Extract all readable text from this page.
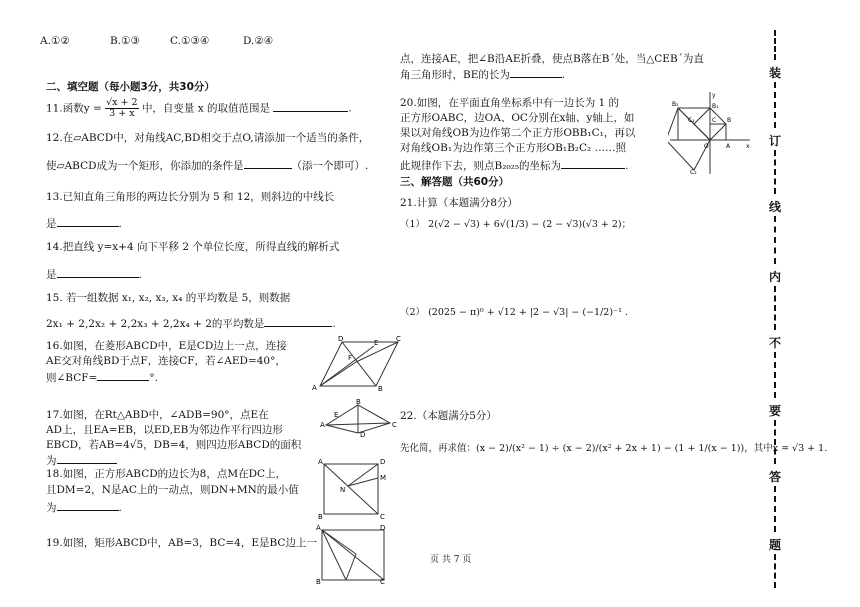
A.①②	B.①③	C.①③④	D.②④
二、填空题（每小题3分，共30分）
11.函数$y = \frac{√x + 2}{3 + x}$ 中，自变量 x 的取值范围是	.
12.在▱ABCD中，对角线AC,BD相交于点O,请添加一个适当的条件，
使▱ABCD成为一个矩形，你添加的条件是	（添一个即可）.
13.已知直角三角形的两边长分别为 5 和 12，则斜边的中线长
是	.
14.把直线 y=x+4 向下平移 2 个单位长度，所得直线的解析式
是	.
15. 若一组数据 x₁, x₂, x₃, x₄ 的平均数是 5，则数据
2x₁ + 2,2x₂ + 2,2x₃ + 2,2x₄ + 2的平均数是	.
16.如图，在菱形ABCD中，E是CD边上一点，连接
AE交对角线BD于点F，连接CF，若∠AED=40°，
则∠BCF=	°.
17.如图，在Rt△ABD中，∠ADB=90°，点E在
AD上，且EA=EB，以ED,EB为邻边作平行四边形
EBCD，若AB=4√5，DB=4，则四边形ABCD的面积
为
18.如图，正方形ABCD的边长为8，点M在DC上，
且DM=2，N是AC上的一动点，则DN+MN的最小值
为	.
19.如图，矩形ABCD中，AB=3，BC=4，E是BC边上一
A	B
C
D	E
F
A
B
C
D
E
A
B	C
D
M
N
A
B	C
D
点，连接AE，把∠B沿AE折叠，使点B落在B´处，当△CEB´为直
角三角形时，BE的长为	.
20.如图，在平面直角坐标系中有一边长为 1 的
正方形OABC，边OA、OC分别在x轴、y轴上，如
果以对角线OB为边作第二个正方形OBB₁C₁，再以
对角线OB₁为边作第三个正方形OB₁B₂C₂ ……照
此规律作下去，则点B₂₀₂₅的坐标为	.
x
y
O	A
B
C
B₁
B₂
C₁
C₂
三、解答题（共60分）
21.计算（本题满分8分）
（1） 2(√2 − √3) + 6√(1/3) − (2 − √3)(√3 + 2)；
（2） (2025 − π)⁰ + √12 + |2 − √3| − (−1/2)⁻¹ .
22.（本题满分5分）
先化简，再求值：(x − 2)/(x² − 1) ÷ (x − 2)/(x² + 2x + 1) − (1 + 1/(x − 1))，其中x = √3 + 1.
页 共 7 页
装
订
线
内
不
要
答
题
